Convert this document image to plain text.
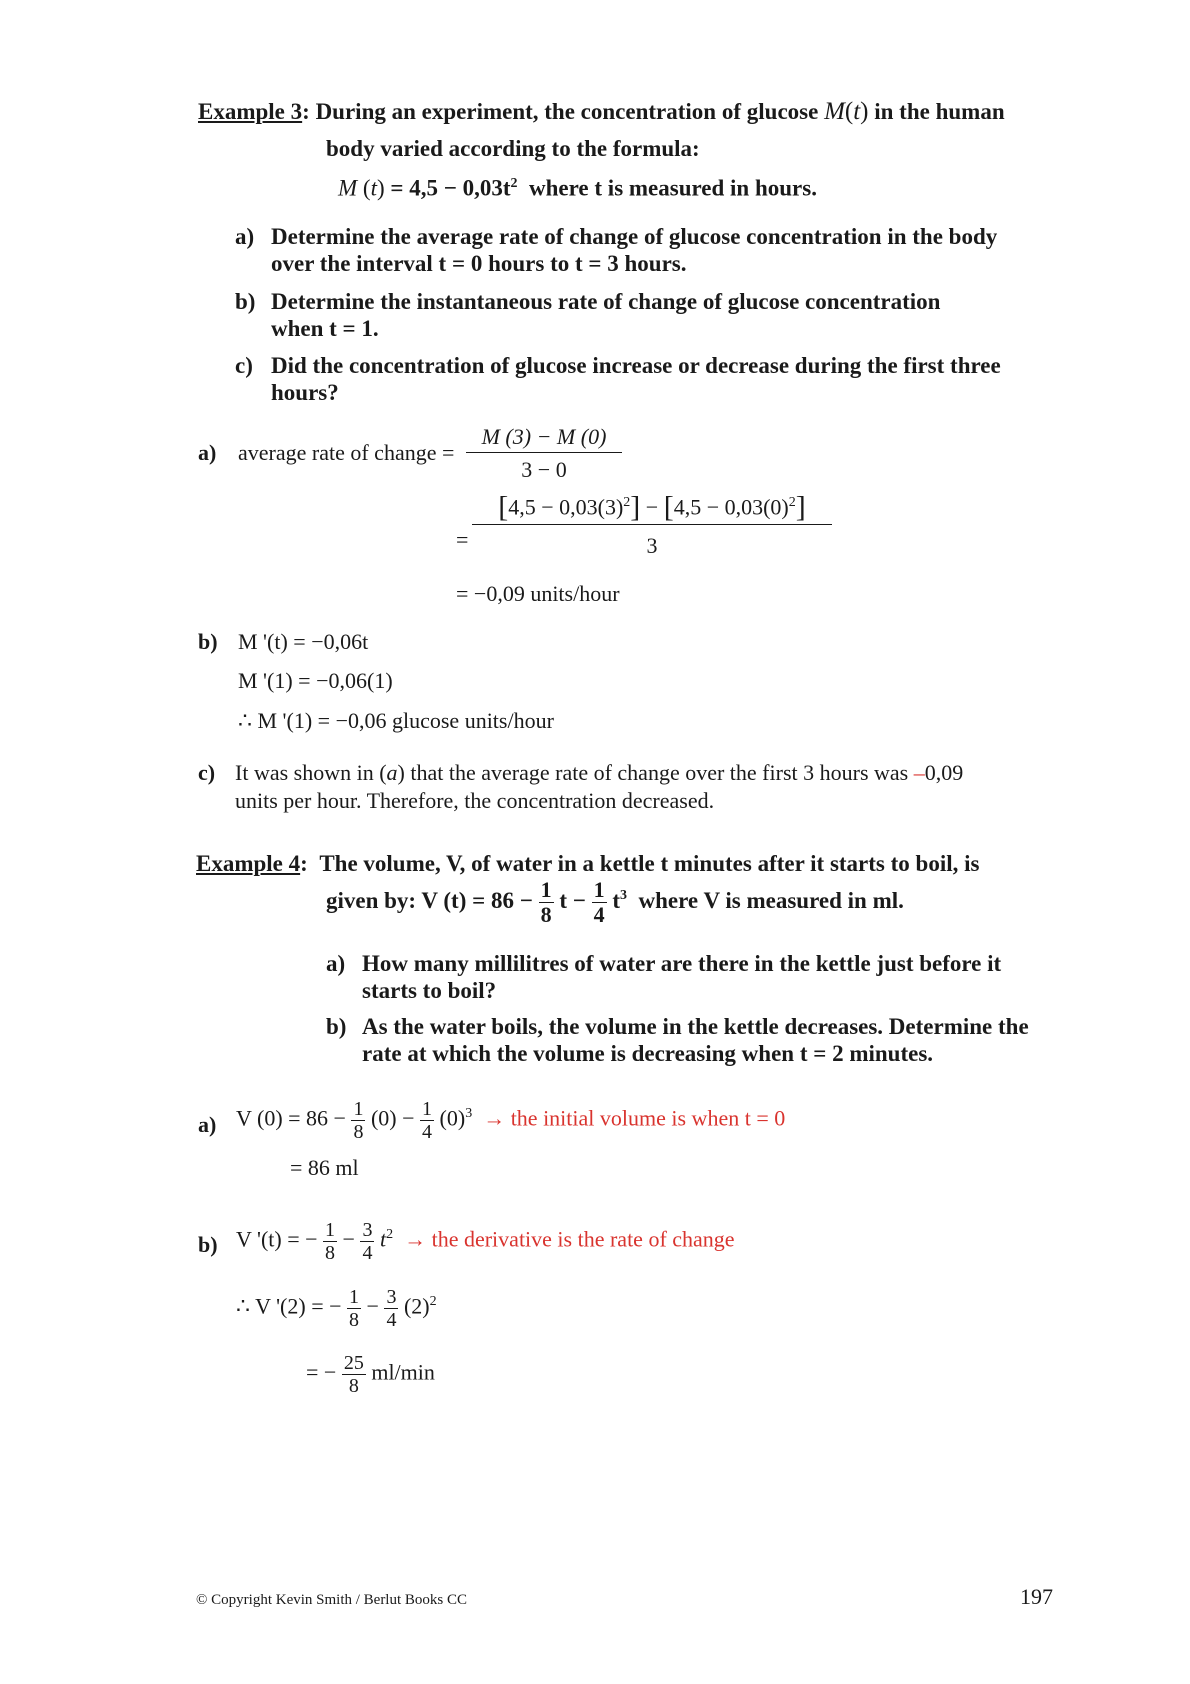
Example 3: During an experiment, the concentration of glucose M(t) in the human
body varied according to the formula:
M $(t) = 4,5 - 0,03t^2$ where t is measured in hours.
a) Determine the average rate of change of glucose concentration in the body
over the interval t = 0 hours to t = 3 hours.
b) Determine the instantaneous rate of change of glucose concentration
when t = 1.
c) Did the concentration of glucose increase or decrease during the first three
hours?
a) average rate of change = $\frac{M (3) - M (0)}{3 - 0}$
= $\frac{[4,5 - 0,03(3)^2] - [4,5 - 0,03(0)^2]}{3}$
= −0,09 units/hour
b) M '(t) = −0,06t
M '(1) = −0,06(1)
∴ M '(1) = −0,06 glucose units/hour
c) It was shown in (a) that the average rate of change over the first 3 hours was –0,09
units per hour. Therefore, the concentration decreased.
Example 4:  The volume, V, of water in a kettle t minutes after it starts to boil, is
given by: V $(t) = 86 - \frac{1}{8}$ $t - \frac{1}{4} t^3$ where V is measured in ml.
a) How many millilitres of water are there in the kettle just before it
starts to boil?
b) As the water boils, the volume in the kettle decreases. Determine the
rate at which the volume is decreasing when t = 2 minutes.
a) V $(0) = 86 - \frac{1}{8} (0) - \frac{1}{4} (0)^3$ → the initial volume is when t = 0
= 86 ml
b) V '(t) = − $\frac{1}{8} - \frac{3}{4} t^2$ → the derivative is the rate of change
∴ V '(2) = − $\frac{1}{8} - \frac{3}{4} (2)^2$
= − $\frac{25}{8} ml/\min$
© Copyright Kevin Smith / Berlut Books CC	197
